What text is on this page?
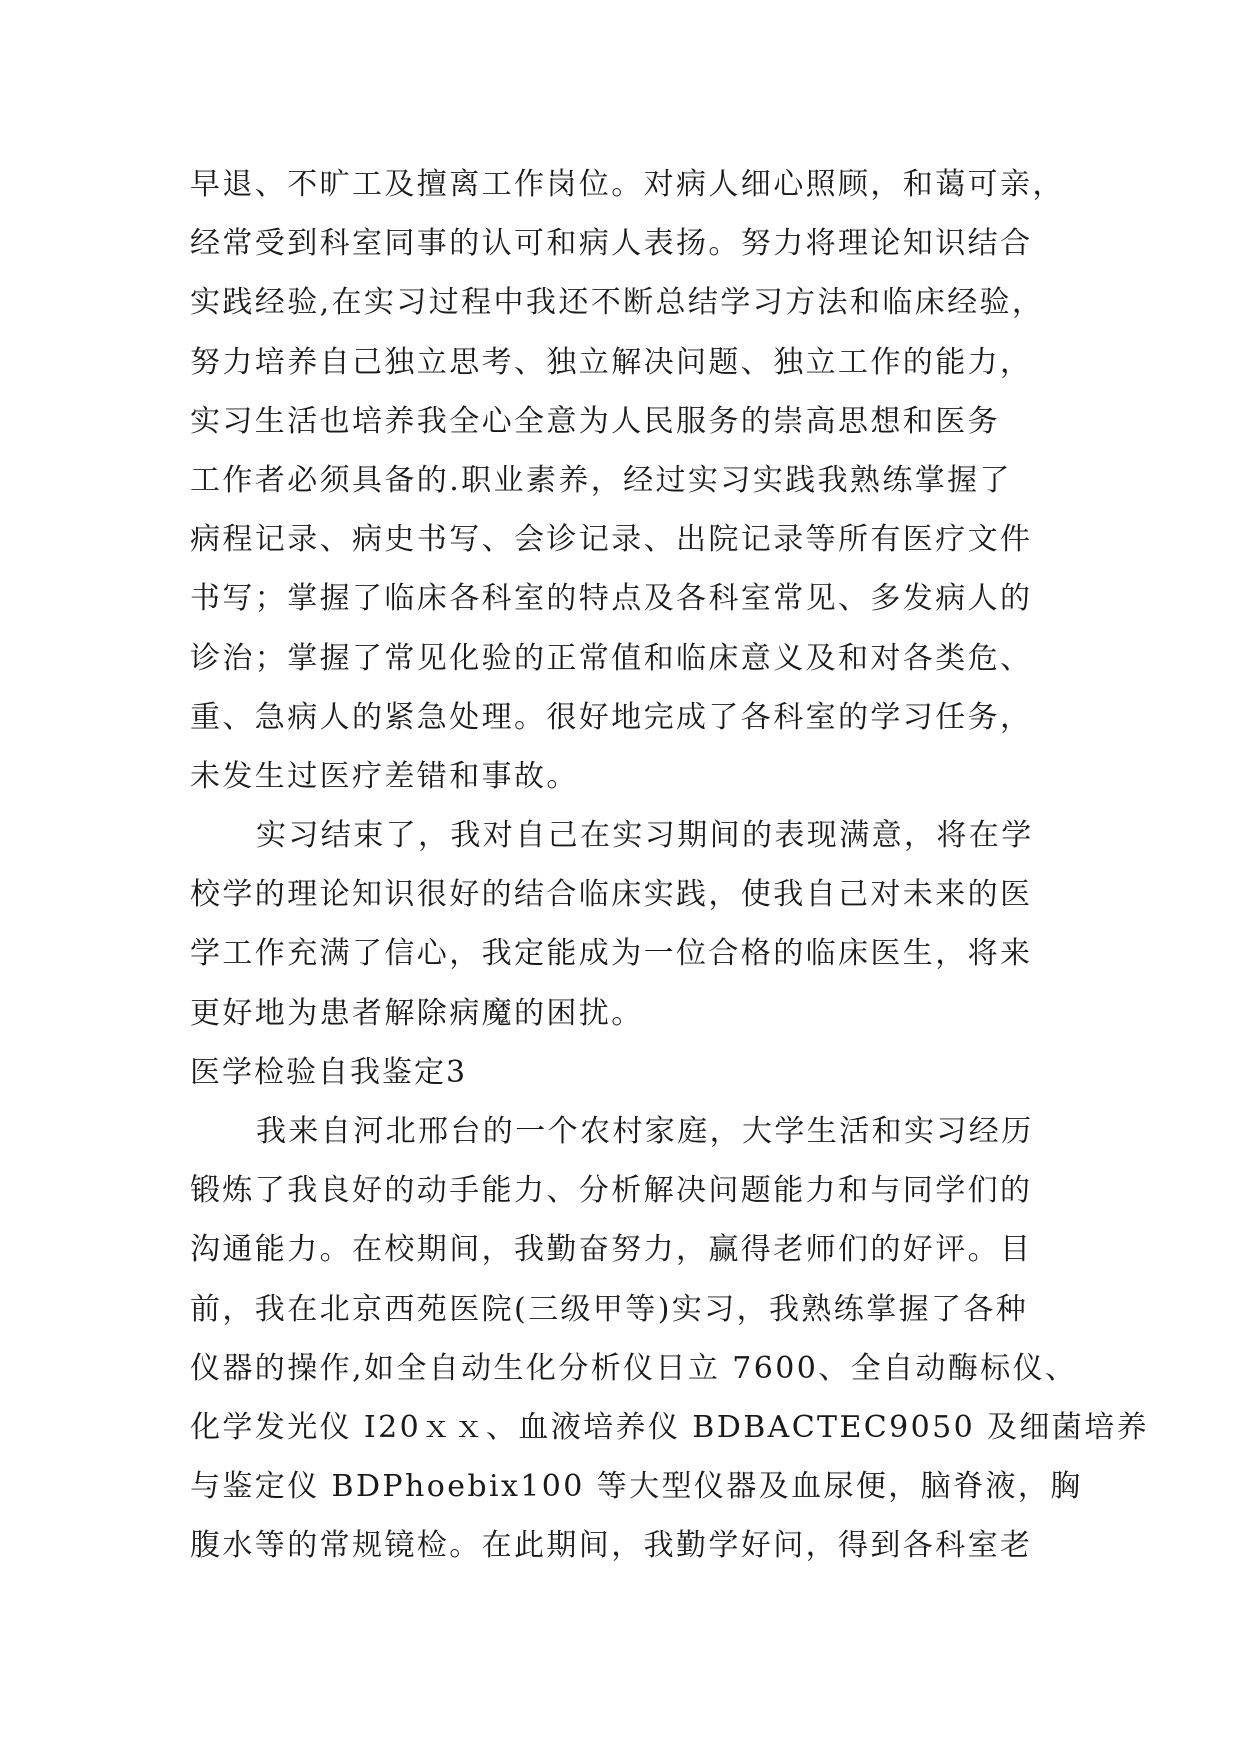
早退、不旷工及擅离工作岗位。对病人细心照顾，和蔼可亲，
经常受到科室同事的认可和病人表扬。努力将理论知识结合
实践经验,在实习过程中我还不断总结学习方法和临床经验，
努力培养自己独立思考、独立解决问题、独立工作的能力，
实习生活也培养我全心全意为人民服务的崇高思想和医务
工作者必须具备的.职业素养，经过实习实践我熟练掌握了
病程记录、病史书写、会诊记录、出院记录等所有医疗文件
书写；掌握了临床各科室的特点及各科室常见、多发病人的
诊治；掌握了常见化验的正常值和临床意义及和对各类危、
重、急病人的紧急处理。很好地完成了各科室的学习任务，
未发生过医疗差错和事故。
实习结束了，我对自己在实习期间的表现满意，将在学
校学的理论知识很好的结合临床实践，使我自己对未来的医
学工作充满了信心，我定能成为一位合格的临床医生，将来
更好地为患者解除病魔的困扰。
医学检验自我鉴定3
我来自河北邢台的一个农村家庭，大学生活和实习经历
锻炼了我良好的动手能力、分析解决问题能力和与同学们的
沟通能力。在校期间，我勤奋努力，赢得老师们的好评。目
前，我在北京西苑医院(三级甲等)实习，我熟练掌握了各种
仪器的操作,如全自动生化分析仪日立 7600、全自动酶标仪、
化学发光仪 I20ｘｘ、血液培养仪 BDBACTEC9050 及细菌培养
与鉴定仪 BDPhoebix100 等大型仪器及血尿便，脑脊液，胸
腹水等的常规镜检。在此期间，我勤学好问，得到各科室老
